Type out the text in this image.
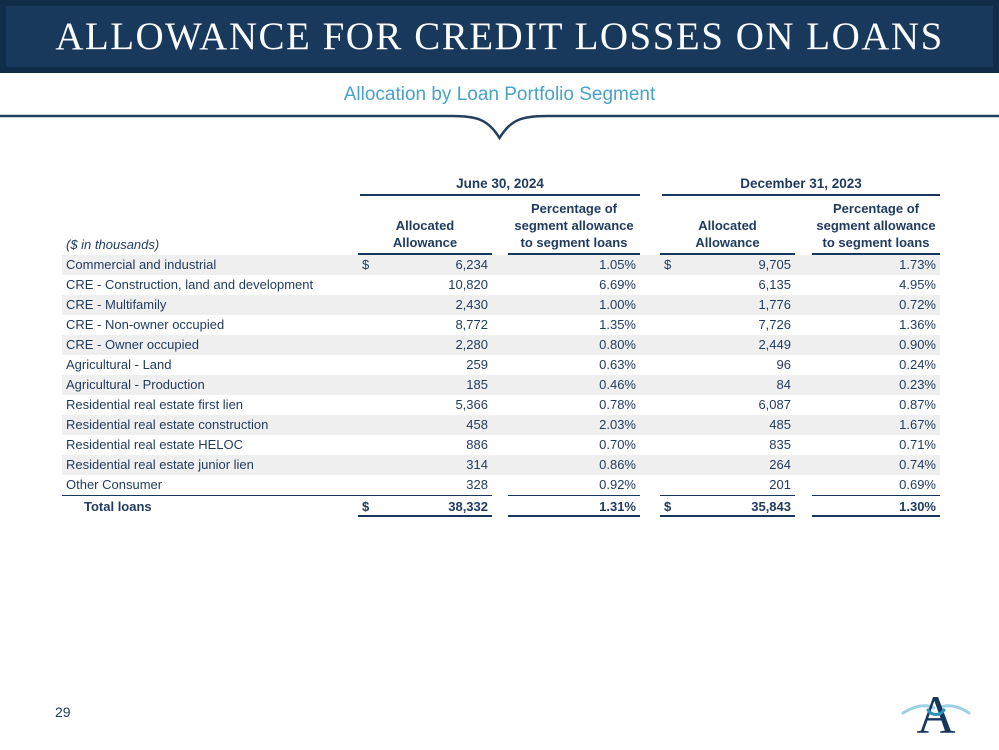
ALLOWANCE FOR CREDIT LOSSES ON LOANS
Allocation by Loan Portfolio Segment
June 30, 2024	December 31, 2023
Allocated
Allowance
Percentage of
segment allowance
to segment loans
Allocated
Allowance
Percentage of
segment allowance
to segment loans
($ in thousands)
Commercial and industrial	$	6,234	1.05%	$	9,705	1.73%
CRE - Construction, land and development	10,820	6.69%	6,135	4.95%
CRE - Multifamily	2,430	1.00%	1,776	0.72%
CRE - Non-owner occupied	8,772	1.35%	7,726	1.36%
CRE - Owner occupied	2,280	0.80%	2,449	0.90%
Agricultural - Land	259	0.63%	96	0.24%
Agricultural - Production	185	0.46%	84	0.23%
Residential real estate first lien	5,366	0.78%	6,087	0.87%
Residential real estate construction	458	2.03%	485	1.67%
Residential real estate HELOC	886	0.70%	835	0.71%
Residential real estate junior lien	314	0.86%	264	0.74%
Other Consumer	328	0.92%	201	0.69%
Total loans	$	38,332	1.31%	$	35,843	1.30%
29	A
